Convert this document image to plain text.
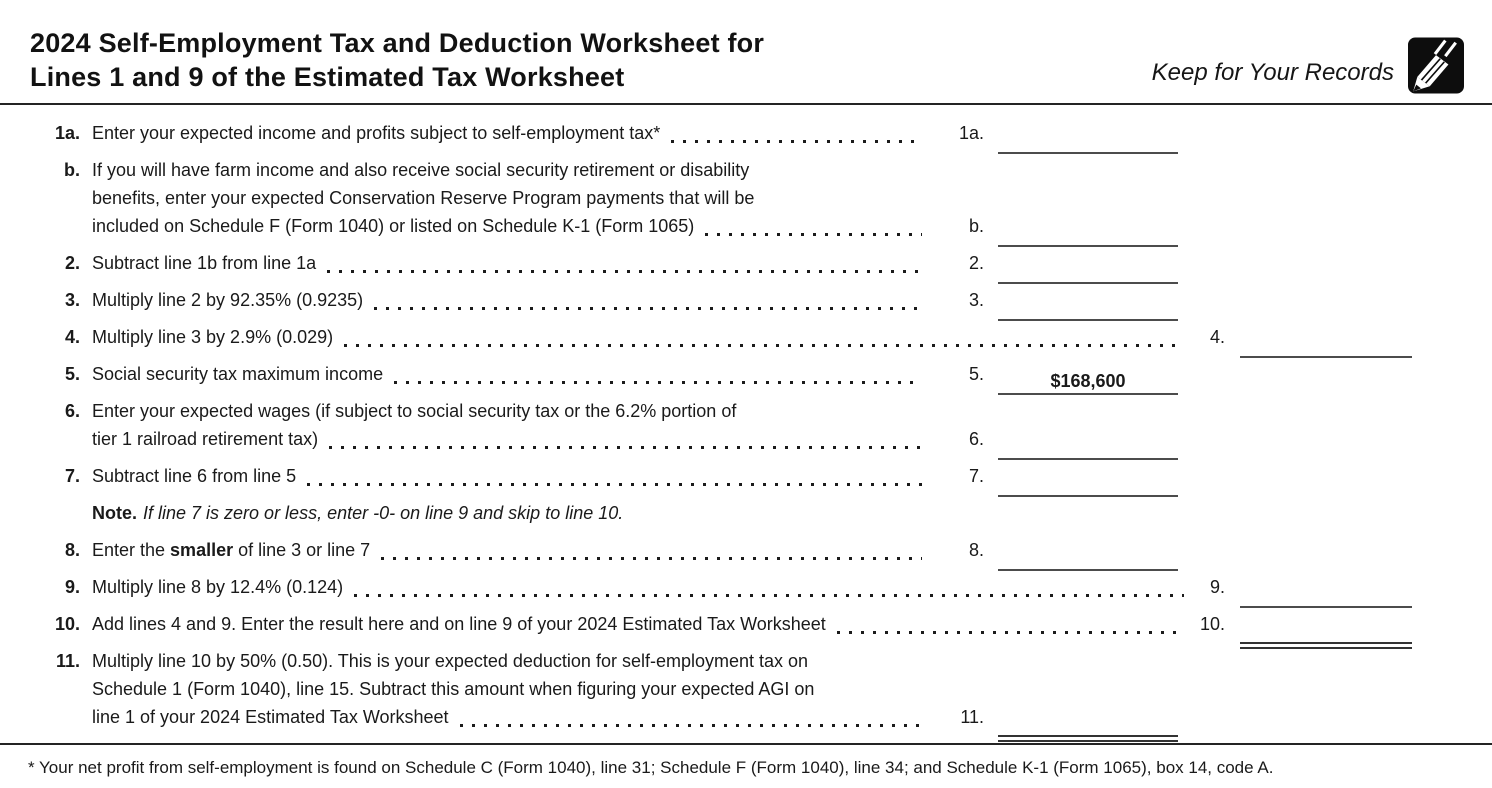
2024 Self-Employment Tax and Deduction Worksheet for
Lines 1 and 9 of the Estimated Tax Worksheet	Keep for Your Records
1a. Enter your expected income and profits subject to self-employment tax*	1a.
b. If you will have farm income and also receive social security retirement or disability
benefits, enter your expected Conservation Reserve Program payments that will be
included on Schedule F (Form 1040) or listed on Schedule K-1 (Form 1065)	b.
2. Subtract line 1b from line 1a	2.
3. Multiply line 2 by 92.35% (0.9235)	3.
4. Multiply line 3 by 2.9% (0.029)	4.
5. Social security tax maximum income	5.	$168,600
6. Enter your expected wages (if subject to social security tax or the 6.2% portion of
tier 1 railroad retirement tax)	6.
7. Subtract line 6 from line 5	7.
Note. If line 7 is zero or less, enter -0- on line 9 and skip to line 10.
8. Enter the smaller of line 3 or line 7	8.
9. Multiply line 8 by 12.4% (0.124)	9.
10. Add lines 4 and 9. Enter the result here and on line 9 of your 2024 Estimated Tax Worksheet	10.
11. Multiply line 10 by 50% (0.50). This is your expected deduction for self-employment tax on
Schedule 1 (Form 1040), line 15. Subtract this amount when figuring your expected AGI on
line 1 of your 2024 Estimated Tax Worksheet	11.
* Your net profit from self-employment is found on Schedule C (Form 1040), line 31; Schedule F (Form 1040), line 34; and Schedule K-1 (Form 1065), box 14, code A.
